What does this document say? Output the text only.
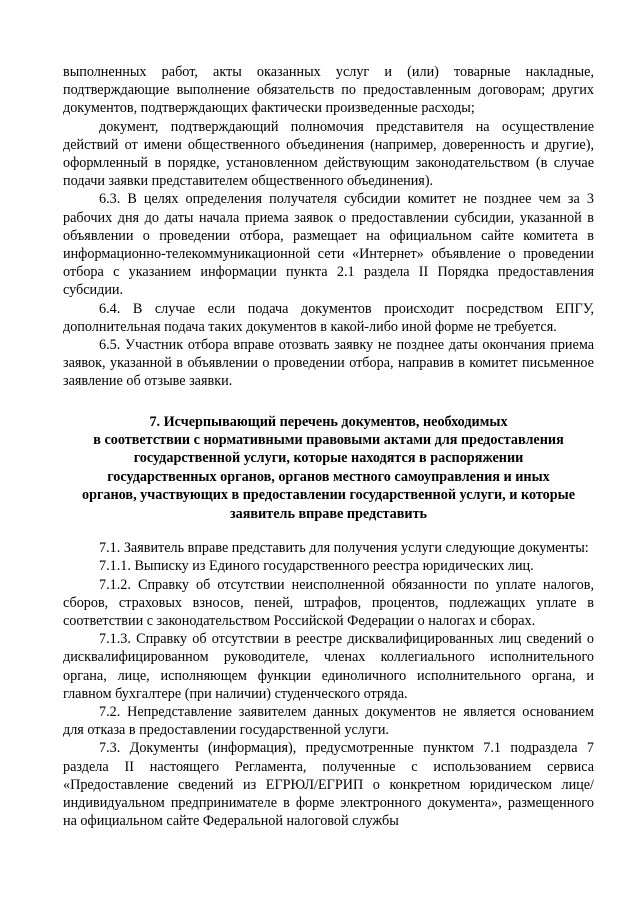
выполненных работ, акты оказанных услуг и (или) товарные накладные, подтверждающие выполнение обязательств по предоставленным договорам; других документов, подтверждающих фактически произведенные расходы;

документ, подтверждающий полномочия представителя на осуществление действий от имени общественного объединения (например, доверенность и другие), оформленный в порядке, установленном действующим законодательством (в случае подачи заявки представителем общественного объединения).

6.3. В целях определения получателя субсидии комитет не позднее чем за 3 рабочих дня до даты начала приема заявок о предоставлении субсидии, указанной в объявлении о проведении отбора, размещает на официальном сайте комитета в информационно-телекоммуникационной сети «Интернет» объявление о проведении отбора с указанием информации пункта 2.1 раздела II Порядка предоставления субсидии.

6.4. В случае если подача документов происходит посредством ЕПГУ, дополнительная подача таких документов в какой-либо иной форме не требуется.

6.5. Участник отбора вправе отозвать заявку не позднее даты окончания приема заявок, указанной в объявлении о проведении отбора, направив в комитет письменное заявление об отзыве заявки.

7. Исчерпывающий перечень документов, необходимых
в соответствии с нормативными правовыми актами для предоставления
государственной услуги, которые находятся в распоряжении
государственных органов, органов местного самоуправления и иных
органов, участвующих в предоставлении государственной услуги, и которые
заявитель вправе представить

7.1. Заявитель вправе представить для получения услуги следующие документы:

7.1.1. Выписку из Единого государственного реестра юридических лиц.

7.1.2. Справку об отсутствии неисполненной обязанности по уплате налогов, сборов, страховых взносов, пеней, штрафов, процентов, подлежащих уплате в соответствии с законодательством Российской Федерации о налогах и сборах.

7.1.3. Справку об отсутствии в реестре дисквалифицированных лиц сведений о дисквалифицированном руководителе, членах коллегиального исполнительного органа, лице, исполняющем функции единоличного исполнительного органа, и главном бухгалтере (при наличии) студенческого отряда.

7.2. Непредставление заявителем данных документов не является основанием для отказа в предоставлении государственной услуги.

7.3. Документы (информация), предусмотренные пунктом 7.1 подраздела 7 раздела II настоящего Регламента, полученные с использованием сервиса «Предоставление сведений из ЕГРЮЛ/ЕГРИП о конкретном юридическом лице/индивидуальном предпринимателе в форме электронного документа», размещенного на официальном сайте Федеральной налоговой службы
